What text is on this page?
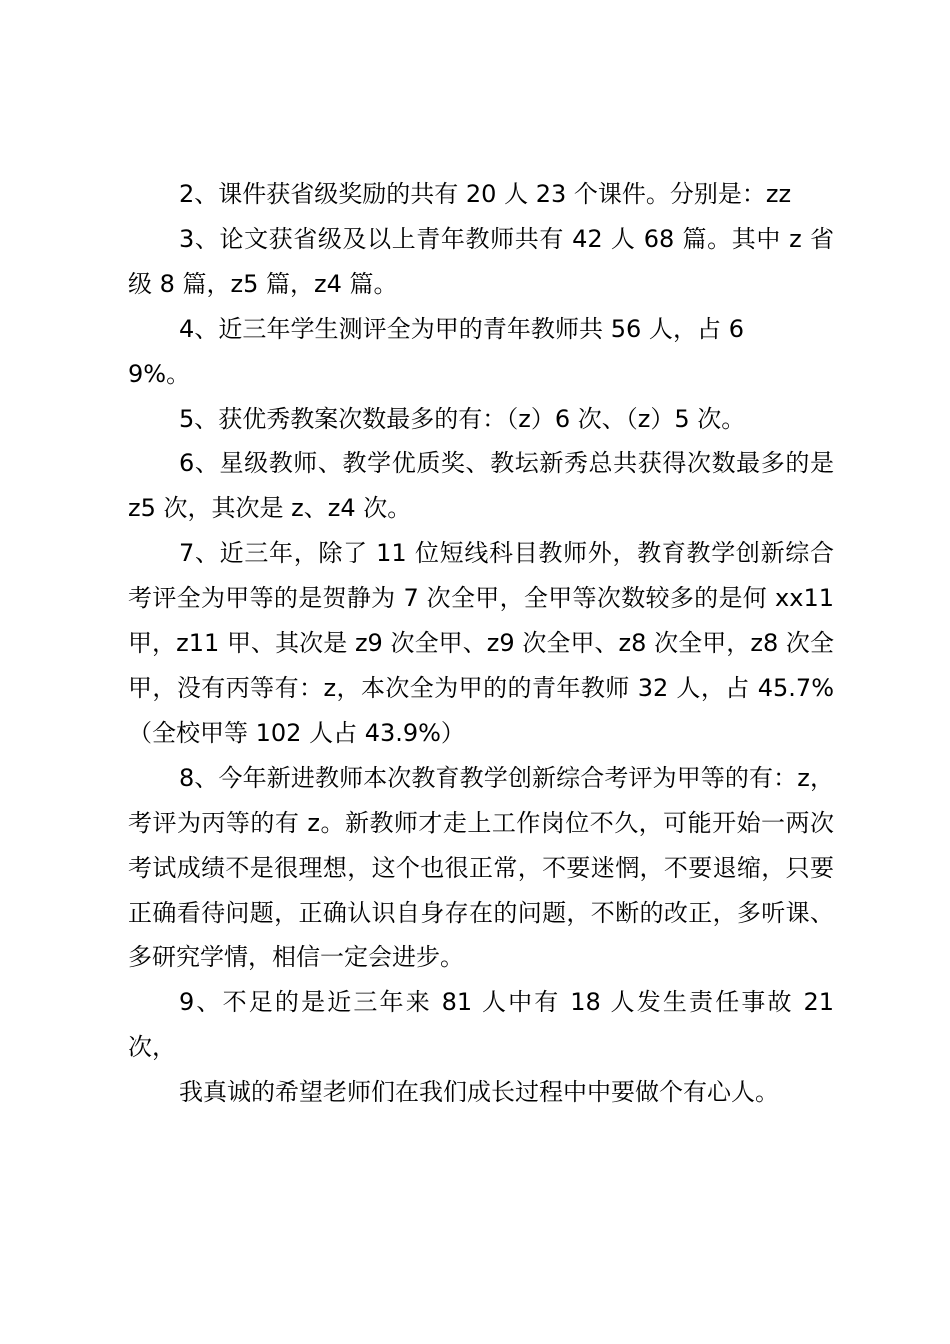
2、课件获省级奖励的共有 20 人 23 个课件。分别是：zz

3、论文获省级及以上青年教师共有 42 人 68 篇。其中 z 省级 8 篇，z5 篇，z4 篇。

4、近三年学生测评全为甲的青年教师共 56 人，占 69%。

5、获优秀教案次数最多的有：（z）6 次、（z）5 次。

6、星级教师、教学优质奖、教坛新秀总共获得次数最多的是 z5 次，其次是 z、z4 次。

7、近三年，除了 11 位短线科目教师外，教育教学创新综合考评全为甲等的是贺静为 7 次全甲，全甲等次数较多的是何 xx11 甲，z11 甲、其次是 z9 次全甲、z9 次全甲、z8 次全甲，z8 次全甲，没有丙等有：z，本次全为甲的的青年教师 32 人，占 45.7%（全校甲等 102 人占 43.9%）

8、今年新进教师本次教育教学创新综合考评为甲等的有：z，考评为丙等的有 z。新教师才走上工作岗位不久，可能开始一两次考试成绩不是很理想，这个也很正常，不要迷惘，不要退缩，只要正确看待问题，正确认识自身存在的问题，不断的改正，多听课、多研究学情，相信一定会进步。

9、不足的是近三年来 81 人中有 18 人发生责任事故 21 次，

我真诚的希望老师们在我们成长过程中中要做个有心人。
